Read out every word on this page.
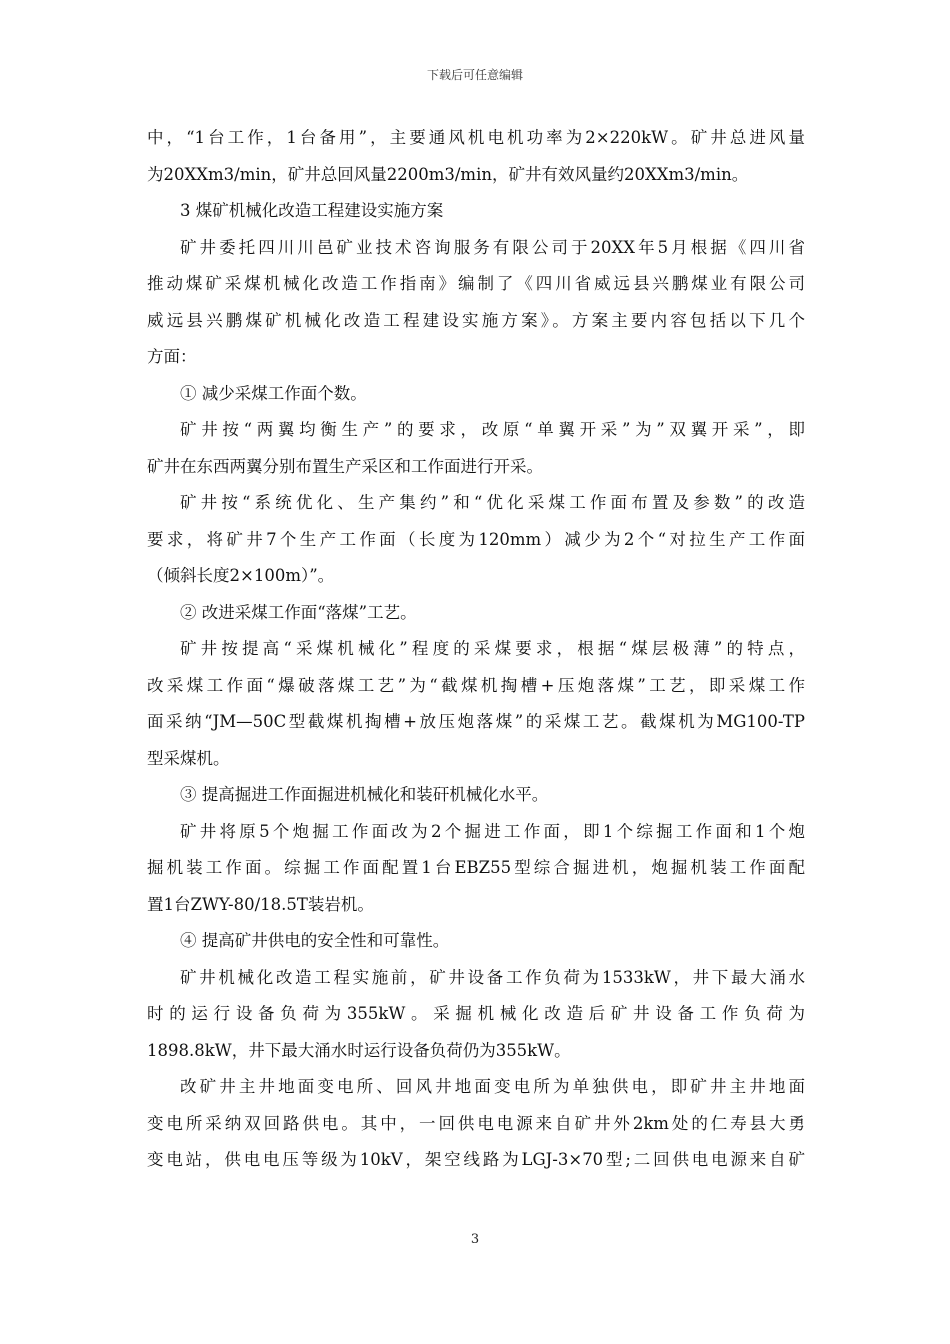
下载后可任意编辑
中，“1台工作，1台备用”，主要通风机电机功率为2×220kW。矿井总进风量
为20XXm3/min，矿井总回风量2200m3/min，矿井有效风量约20XXm3/min。
3 煤矿机械化改造工程建设实施方案
矿井委托四川川邑矿业技术咨询服务有限公司于20XX年5月根据《四川省
推动煤矿采煤机械化改造工作指南》编制了《四川省威远县兴鹏煤业有限公司
威远县兴鹏煤矿机械化改造工程建设实施方案》。方案主要内容包括以下几个
方面：
① 减少采煤工作面个数。
矿井按“两翼均衡生产”的要求，改原“单翼开采”为”双翼开采”，即
矿井在东西两翼分别布置生产采区和工作面进行开采。
矿井按“系统优化、生产集约”和“优化采煤工作面布置及参数”的改造
要求，将矿井7个生产工作面（长度为120mm）减少为2个“对拉生产工作面
（倾斜长度2×100m）”。
② 改进采煤工作面“落煤”工艺。
矿井按提高“采煤机械化”程度的采煤要求，根据“煤层极薄”的特点，
改采煤工作面“爆破落煤工艺”为“截煤机掏槽+压炮落煤”工艺，即采煤工作
面采纳“JM—50C型截煤机掏槽+放压炮落煤”的采煤工艺。截煤机为MG100-TP
型采煤机。
③ 提高掘进工作面掘进机械化和装矸机械化水平。
矿井将原5个炮掘工作面改为2个掘进工作面，即1个综掘工作面和1个炮
掘机装工作面。综掘工作面配置1台EBZ55型综合掘进机，炮掘机装工作面配
置1台ZWY-80/18.5T装岩机。
④ 提高矿井供电的安全性和可靠性。
矿井机械化改造工程实施前，矿井设备工作负荷为1533kW，井下最大涌水
时的运行设备负荷为355kW。采掘机械化改造后矿井设备工作负荷为
1898.8kW，井下最大涌水时运行设备负荷仍为355kW。
改矿井主井地面变电所、回风井地面变电所为单独供电，即矿井主井地面
变电所采纳双回路供电。其中，一回供电电源来自矿井外2km处的仁寿县大勇
变电站，供电电压等级为10kV，架空线路为LGJ-3×70型;二回供电电源来自矿
3
